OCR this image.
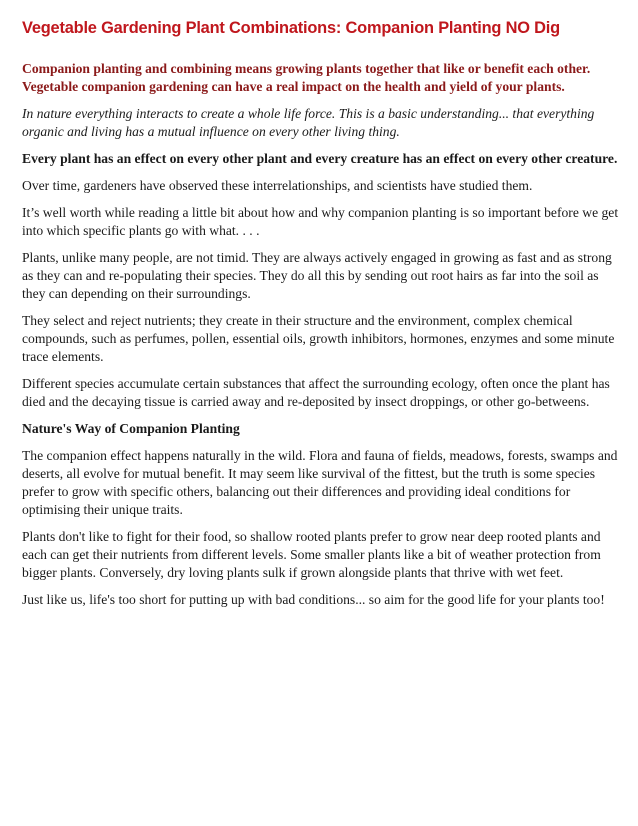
Vegetable Gardening Plant Combinations: Companion Planting NO Dig

Companion planting and combining means growing plants together that like or benefit each other. Vegetable companion gardening can have a real impact on the health and yield of your plants.

In nature everything interacts to create a whole life force. This is a basic understanding... that everything organic and living has a mutual influence on every other living thing.

Every plant has an effect on every other plant and every creature has an effect on every other creature.

Over time, gardeners have observed these interrelationships, and scientists have studied them.

It’s well worth while reading a little bit about how and why companion planting is so important before we get into which specific plants go with what. . . .

Plants, unlike many people, are not timid. They are always actively engaged in growing as fast and as strong as they can and re-populating their species. They do all this by sending out root hairs as far into the soil as they can depending on their surroundings.

They select and reject nutrients; they create in their structure and the environment, complex chemical compounds, such as perfumes, pollen, essential oils, growth inhibitors, hormones, enzymes and some minute trace elements.

Different species accumulate certain substances that affect the surrounding ecology, often once the plant has died and the decaying tissue is carried away and re-deposited by insect droppings, or other go-betweens.

Nature's Way of Companion Planting

The companion effect happens naturally in the wild. Flora and fauna of fields, meadows, forests, swamps and deserts, all evolve for mutual benefit. It may seem like survival of the fittest, but the truth is some species prefer to grow with specific others, balancing out their differences and providing ideal conditions for optimising their unique traits.

Plants don't like to fight for their food, so shallow rooted plants prefer to grow near deep rooted plants and each can get their nutrients from different levels. Some smaller plants like a bit of weather protection from bigger plants. Conversely, dry loving plants sulk if grown alongside plants that thrive with wet feet.

Just like us, life's too short for putting up with bad conditions... so aim for the good life for your plants too!
